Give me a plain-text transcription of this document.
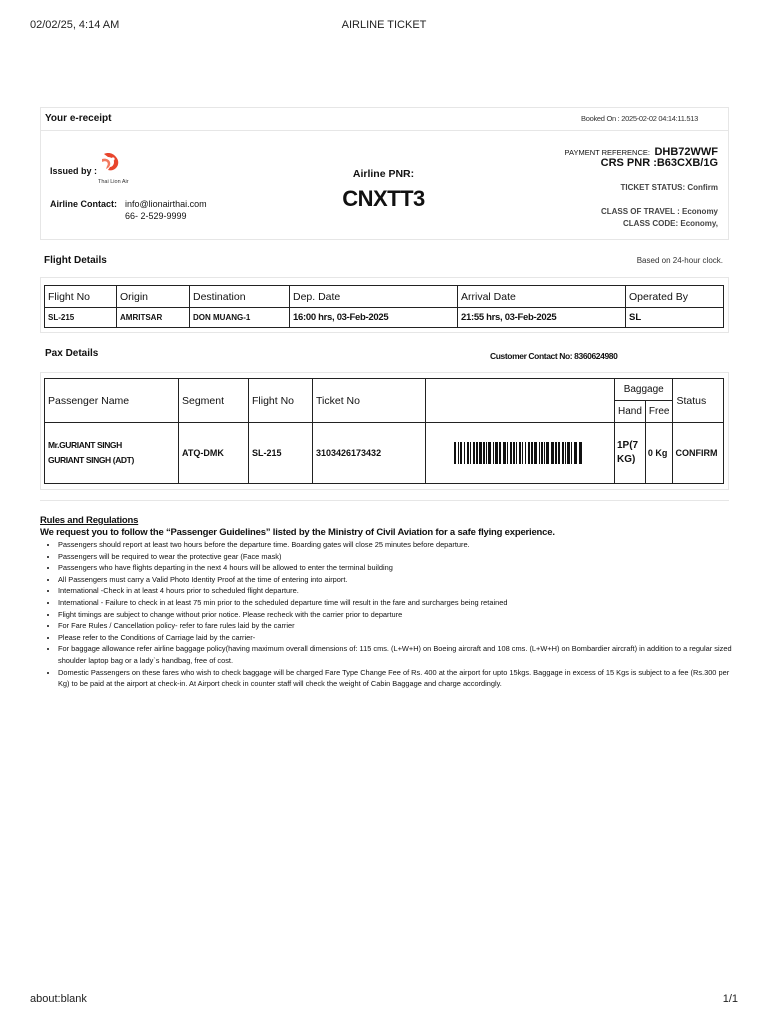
02/02/25, 4:14 AM	AIRLINE TICKET
Your e-receipt	Booked On : 2025-02-02 04:14:11.513
Issued by :
Thai Lion Air
Airline Contact: info@lionairthai.com
66- 2-529-9999
Airline PNR:
CNXTT3
PAYMENT REFERENCE: DHB72WWF
CRS PNR :B63CXB/1G
TICKET STATUS: Confirm
CLASS OF TRAVEL : Economy
CLASS CODE: Economy,
Flight Details	Based on 24-hour clock.
Flight No	Origin	Destination	Dep. Date	Arrival Date	Operated By
SL-215	AMRITSAR	DON MUANG-1	16:00 hrs, 03-Feb-2025	21:55 hrs, 03-Feb-2025	SL
Pax Details	Customer Contact No: 8360624980
Passenger Name	Segment	Flight No	Ticket No		Baggage		Status
					Hand	Free	

Mr.GURIANT SINGH
GURIANT SINGH (ADT)	ATQ-DMK	SL-215	3103426173432		1P(7 KG)	0 Kg	CONFIRM
Rules and Regulations
We request you to follow the “Passenger Guidelines” listed by the Ministry of Civil Aviation for a safe flying experience.
• Passengers should report at least two hours before the departure time. Boarding gates will close 25 minutes before departure.
• Passengers will be required to wear the protective gear (Face mask)
• Passengers who have flights departing in the next 4 hours will be allowed to enter the terminal building
• All Passengers must carry a Valid Photo Identity Proof at the time of entering into airport.
• International -Check in at least 4 hours prior to scheduled flight departure.
• International - Failure to check in at least 75 min prior to the scheduled departure time will result in the fare and surcharges being retained
• Flight timings are subject to change without prior notice. Please recheck with the carrier prior to departure
• For Fare Rules / Cancellation policy- refer to fare rules laid by the carrier
• Please refer to the Conditions of Carriage laid by the carrier-
• For baggage allowance refer airline baggage policy(having maximum overall dimensions of: 115 cms. (L+W+H) on Boeing aircraft and 108 cms. (L+W+H) on Bombardier aircraft) in addition to a regular sized shoulder laptop bag or a lady`s handbag, free of cost.
• Domestic Passengers on these fares who wish to check baggage will be charged Fare Type Change Fee of Rs. 400 at the airport for upto 15kgs. Baggage in excess of 15 Kgs is subject to a fee (Rs.300 per Kg) to be paid at the airport at check-in. At Airport check in counter staff will check the weight of Cabin Baggage and charge accordingly.
about:blank	1/1
